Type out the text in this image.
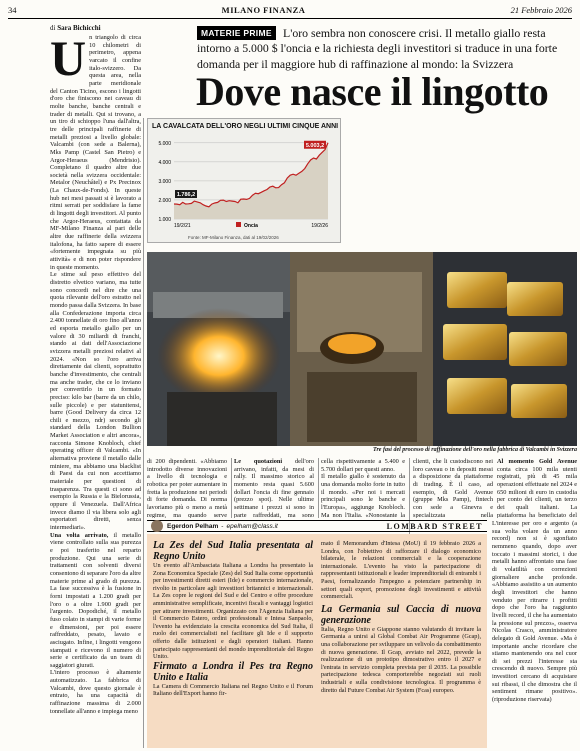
34	MILANO FINANZA	21 Febbraio 2026
di Sara Bichicchi	L'oro sembra non conoscere crisi. Il metallo giallo resta intorno a 5.000 $ l'oncia e la richiesta degli investitori si traduce in una forte domanda per il maggiore hub di raffinazione al mondo: la Svizzera
MATERIE PRIME
Dove nasce il lingotto
U n triangolo di circa 10 chilometri di perimetro, appena varcato il confine italo-svizzero. Da questa area, nella parte meridionale del Canton Ticino, escono i lingotti d'oro che finiscono nei caveau di molte banche, banche centrali e trader di metalli. Qui si trovano, a un tiro di schioppo l'una dall'altra, tre delle principali raffinerie di metalli preziosi a livello globale: Valcambi (con sede a Balerna), Mks Pamp (Castel San Pietro) e Argor-Heraeus (Mendrisio). Completano il quadro altre due società nella svizzera occidentale: Metalor (Neuchâtel) e Px Precinox (La Chaux-de-Fonds). In queste hub nei mesi passati si è lavorato a ritmi serrati per soddisfare la fame di lingotti degli investitori. Al punto che Argor-Heraeus, contattata da MF-Milano Finanza al pari delle altre due raffinerie della svizzera italofona, ha fatto sapere di essere «fortemente impegnata su più attività» e di non poter rispondere in queste momento.

Le stime sul peso effettivo del distretto elvetico variano, ma tutte sono concordi nel dire che una quota rilevante dell'oro estratto nel mondo passa dalla Svizzera. In base alla Confederazione importa circa 2.400 tonnellate di oro fino all'anno ed esporta metallo giallo per un valore di 30 miliardi di franchi, stando ai dati dell'Associazione svizzera metalli preziosi relativi al 2024. «Non so l'oro arriva direttamente dai clienti, soprattutto banche d'investimento, che centrali ma anche trader, che ce lo inviano per convertirlo in un formato preciso: kilo bar (barre da un chilo, sulle piccole) e per statunitensi, barre (Good Delivery da circa 12 chili e mezzo, ndr) secondo gli standard della London Bullion Market Association e altri ancora», racconta Simone Knobloch, chief operating officer di Valcambi. «In alternativa proviene il metallo dalle miniere, ma abbiamo una blacklist di Paesi da cui non accettiamo materiale per questioni di trasparenza. Tra questi ci sono ad esempio la Russia e la Bielorussia, oppure il Venezuela. Dall'Africa invece diamo il via libera solo agli esportatori diretti, senza intermediari».

Una volta arrivato, il metallo viene controllato sulla sua purezza e poi trasferito nel reparto produzione. Qui una serie di trattamenti con solventi diversi consentono di separare l'oro da altre materie prime al grado di purezza. La fase successiva è la fusione in forni impostati a 1.200 gradi per l'oro o a oltre 1.900 gradi per l'argento. Dopodiché, il metallo fuso colato in stampi di varie forme e dimensioni, per poi essere raffreddato, pesato, lavato e asciugato. Infine, i lingotti vengono stampati e ricevono il numero di serie e certificato da un team di saggiatori giurati.

L'intero processo è altamente automatizzato. La fabbrica di Valcambi, dove questo giornale è entrato, ha una capacità di raffinazione massima di 2.000 tonnellate all'anno e impiega meno

LA CAVALCATA DELL'ORO NEGLI ULTIMI CINQUE ANNI
5.000
4.000
3.000
2.000
1.000
1.786,2
5.003,2
19/2/21	19/2/26
Oncia
Fonte: MF-Milano Finanza, dati al 19/02/2026
Tre fasi del processo di raffinazione dell'oro nella fabbrica di Valcambi in Svizzera

di 200 dipendenti. «Abbiamo introdotto diverse innovazioni a livello di tecnologia e robotica per poter aumentare in fretta la produzione nei periodi di forte domanda. Di norma lavoriamo più o meno a metà regime, ma quando serve

Le quotazioni dell'oro arrivano, infatti, da mesi di rally. Il massimo storico al momento resta quasi 5.600 dollari l'oncia di fine gennaio (prezzo spot). Nelle ultime settimane i prezzi si sono in parte raffreddati, ma sono

cella rispettivamente a 5.400 e 5.700 dollari per questi anno.

Il metallo giallo è sostenuto da una domanda molto forte in tutto il mondo. «Per noi i mercati principali sono le banche e l'Europa», aggiunge Knobloch. Ma non l'Italia. «Nonostante la

clienti, che li custodiscono nei loro caveau o in depositi messi a disposizione da piattaforme di trading. È il caso, ad esempio, di Gold Avenue (gruppe Mks Pamp), fintech con sede a Ginevra e specializzata nella

Al momento Gold Avenue conta circa 100 mila utenti registrati, più di 45 mila operazioni effettuate nel 2024 e 650 milioni di euro in custodia per conto dei clienti, un terzo dei quali italiani. La piattaforma ha beneficiato del

L'interesse per oro e argento (a sua volta volare da un anno record) non si è sgonfiato nemmeno quando, dopo aver toccato i massimi storici, i due metalli hanno affrontato una fase di volatilità con correzioni giornaliere anche profonde. «Abbiamo assistito a un aumento degli investitori che hanno venduto per ritrarre i profitti dopo che l'oro ha raggiunto livelli record, il che ha aumentato la pressione sul prezzo», osserva Nicolas Crasco, amministratore delegato di Gold Avenue. «Ma è importante anche ricordare che stiamo mantenendo ora nel cuor di sei prezzi l'interesse sta crescendo di nuovo. Sempre più investitori cercano di acquistare sui ribassi, il che dimostra che il sentiment rimane positivo». (riproduzione riservata)

Egerdon Pelham - epelham@class.it	LOMBARD STREET
La Zes del Sud Italia presentata al Regno Unito

Un evento all'Ambasciata Italiana a Londra ha presentato la Zona Economica Speciale (Zes) del Sud Italia come opportunità per investimenti diretti esteri (Ide) e commercio internazionale, rivolto in particolare agli investitori britannici e internazionali. La Zes copre le regioni del Sud e del Centro e offre procedure amministrative semplificate, incentivi fiscali e vantaggi logistici per attrarre investimenti. Organizzato con l'Agenzia Italiana per il Commercio Estero, ordini professionali e Intesa Sanpaolo, l'evento ha evidenziato la crescita economica del Sud Italia, il ruolo dei commercialisti nel facilitare gli Ide e il supporto offerto dalle istituzioni e dagli operatori italiani. Hanno partecipato rappresentanti del mondo imprenditoriale del Regno Unito.

Firmato a Londra il Pes tra Regno Unito e Italia

La Camera di Commercio Italiana nel Regno Unito e il Forum Italiano dell'Export hanno fir-

mato il Memorandum d'Intesa (MoU) il 19 febbraio 2026 a Londra, con l'obiettivo di rafforzare il dialogo economico bilaterale, le relazioni commerciali e la cooperazione internazionale. L'evento ha visto la partecipazione di rappresentanti istituzionali e leader imprenditoriali di entrambi i Paesi, formalizzando l'impegno a potenziare partnership in settori quali export, promozione degli investimenti e attività commerciali.

La Germania sul Caccia di nuova generazione

Italia, Regno Unito e Giappone stanno valutando di invitare la Germania a unirsi al Global Combat Air Programme (Gcap), una collaborazione per sviluppare un velivolo da combattimento di nuova generazione. Il Gcap, avviato nel 2022, prevede la realizzazione di un prototipo dimostrativo entro il 2027 e l'entrata in servizio completa prevista per il 2035. La possibile partecipazione tedesca comporterebbe negoziati sui ruoli industriali e sulla condivisione tecnologica. Il programma è diretto dal Future Combat Air System (Fcas) europeo.
